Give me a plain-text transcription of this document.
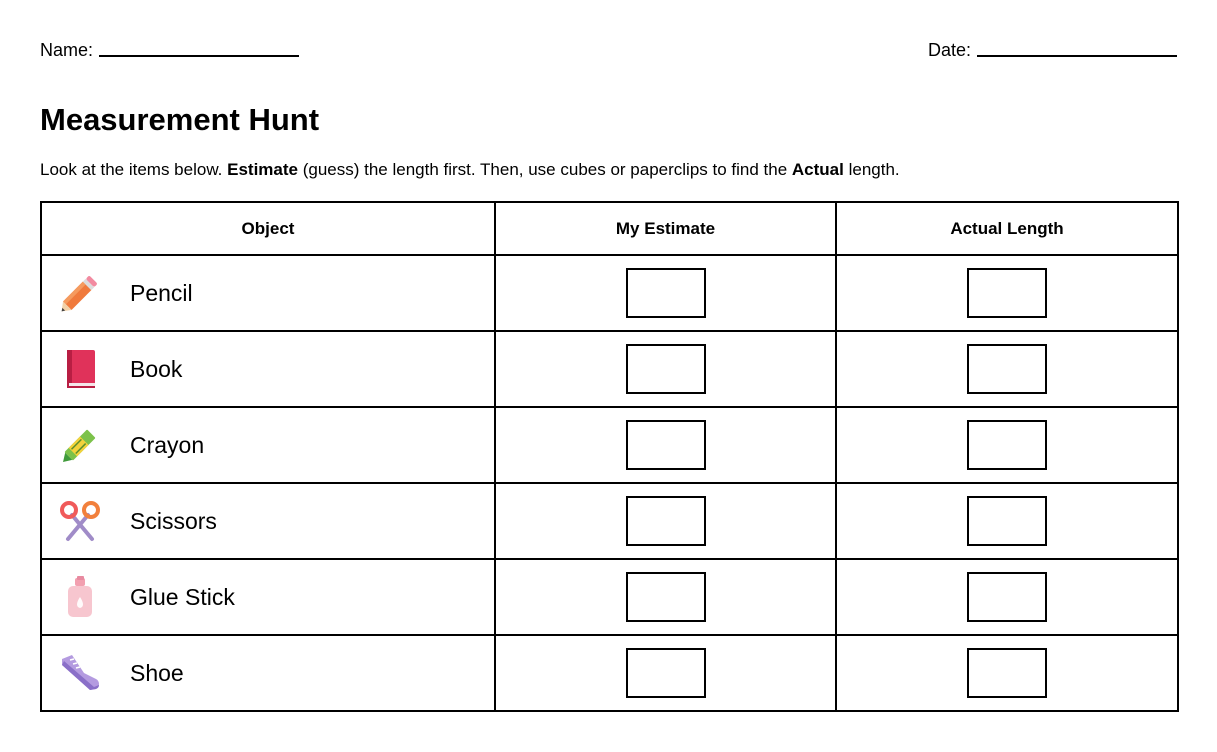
Name:	Date:
Measurement Hunt

Look at the items below. Estimate (guess) the length first. Then, use cubes or paperclips to find the Actual length.

Object	My Estimate	Actual Length

Pencil		

Book		

Crayon		

Scissors		

Glue Stick		

Shoe		
